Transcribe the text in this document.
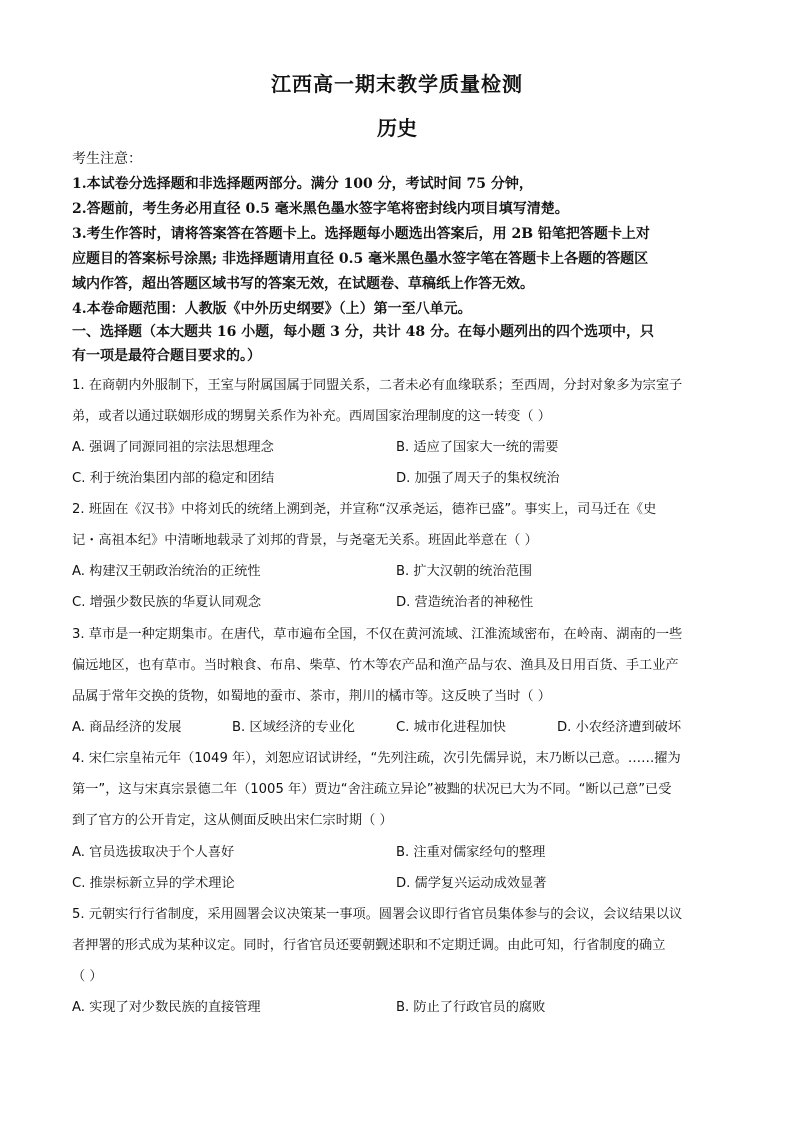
江西高一期末教学质量检测
历史
考生注意：
1.本试卷分选择题和非选择题两部分。满分 100 分，考试时间 75 分钟，
2.答题前，考生务必用直径 0.5 毫米黑色墨水签字笔将密封线内项目填写清楚。
3.考生作答时，请将答案答在答题卡上。选择题每小题选出答案后，用 2B 铅笔把答题卡上对
应题目的答案标号涂黑; 非选择题请用直径 0.5 毫米黑色墨水签字笔在答题卡上各题的答题区
域内作答，超出答题区域书写的答案无效，在试题卷、草稿纸上作答无效。
4.本卷命题范围：人教版《中外历史纲要》（上）第一至八单元。
一、选择题（本大题共 16 小题，每小题 3 分，共计 48 分。在每小题列出的四个选项中，只
有一项是最符合题目要求的。）
1. 在商朝内外服制下，王室与附属国属于同盟关系，二者未必有血缘联系；至西周，分封对象多为宗室子
弟，或者以通过联姻形成的甥舅关系作为补充。西周国家治理制度的这一转变（ ）
A. 强调了同源同祖的宗法思想理念	B. 适应了国家大一统的需要
C. 利于统治集团内部的稳定和团结	D. 加强了周天子的集权统治
2. 班固在《汉书》中将刘氏的统绪上溯到尧，并宣称“汉承尧运，德祚已盛”。事实上，司马迁在《史
记・高祖本纪》中清晰地载录了刘邦的背景，与尧毫无关系。班固此举意在（ ）
A. 构建汉王朝政治统治的正统性	B. 扩大汉朝的统治范围
C. 增强少数民族的华夏认同观念	D. 营造统治者的神秘性
3. 草市是一种定期集市。在唐代，草市遍布全国，不仅在黄河流域、江淮流域密布，在岭南、湖南的一些
偏远地区，也有草市。当时粮食、布帛、柴草、竹木等农产品和渔产品与农、渔具及日用百货、手工业产
品属于常年交换的货物，如蜀地的蚕市、茶市，荆川的橘市等。这反映了当时（ ）
A. 商品经济的发展	B. 区域经济的专业化	C. 城市化进程加快	D. 小农经济遭到破坏
4. 宋仁宗皇祐元年（1049 年），刘恕应诏试讲经，“先列注疏，次引先儒异说，末乃断以己意。……擢为
第一”，这与宋真宗景德二年（1005 年）贾边“舍注疏立异论”被黜的状况已大为不同。“断以己意”已受
到了官方的公开肯定，这从侧面反映出宋仁宗时期（ ）
A. 官员选拔取决于个人喜好	B. 注重对儒家经句的整理
C. 推崇标新立异的学术理论	D. 儒学复兴运动成效显著
5. 元朝实行行省制度，采用圆署会议决策某一事项。圆署会议即行省官员集体参与的会议，会议结果以议
者押署的形式成为某种议定。同时，行省官员还要朝觐述职和不定期迁调。由此可知，行省制度的确立
（ ）
A. 实现了对少数民族的直接管理	B. 防止了行政官员的腐败
